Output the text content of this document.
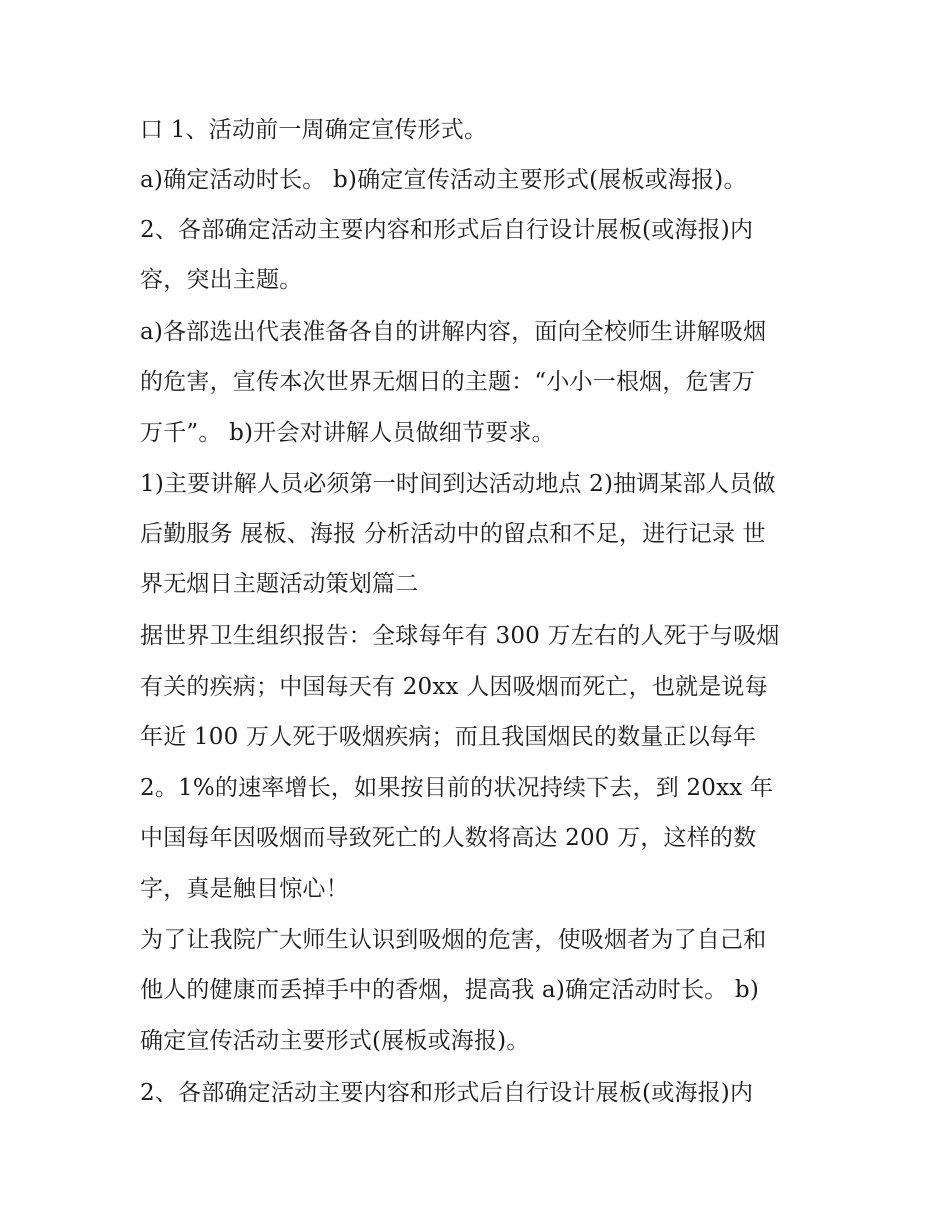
口 1、活动前一周确定宣传形式。
a)确定活动时长。 b)确定宣传活动主要形式(展板或海报)。
2、各部确定活动主要内容和形式后自行设计展板(或海报)内
容，突出主题。
a)各部选出代表准备各自的讲解内容，面向全校师生讲解吸烟
的危害，宣传本次世界无烟日的主题：“小小一根烟，危害万
万千”。 b)开会对讲解人员做细节要求。
1)主要讲解人员必须第一时间到达活动地点 2)抽调某部人员做
后勤服务 展板、海报 分析活动中的留点和不足，进行记录 世
界无烟日主题活动策划篇二
据世界卫生组织报告：全球每年有 300 万左右的人死于与吸烟
有关的疾病；中国每天有 20xx 人因吸烟而死亡，也就是说每
年近 100 万人死于吸烟疾病；而且我国烟民的数量正以每年
2。1%的速率增长，如果按目前的状况持续下去，到 20xx 年
中国每年因吸烟而导致死亡的人数将高达 200 万，这样的数
字，真是触目惊心！
为了让我院广大师生认识到吸烟的危害，使吸烟者为了自己和
他人的健康而丢掉手中的香烟，提高我 a)确定活动时长。 b)
确定宣传活动主要形式(展板或海报)。
2、各部确定活动主要内容和形式后自行设计展板(或海报)内
